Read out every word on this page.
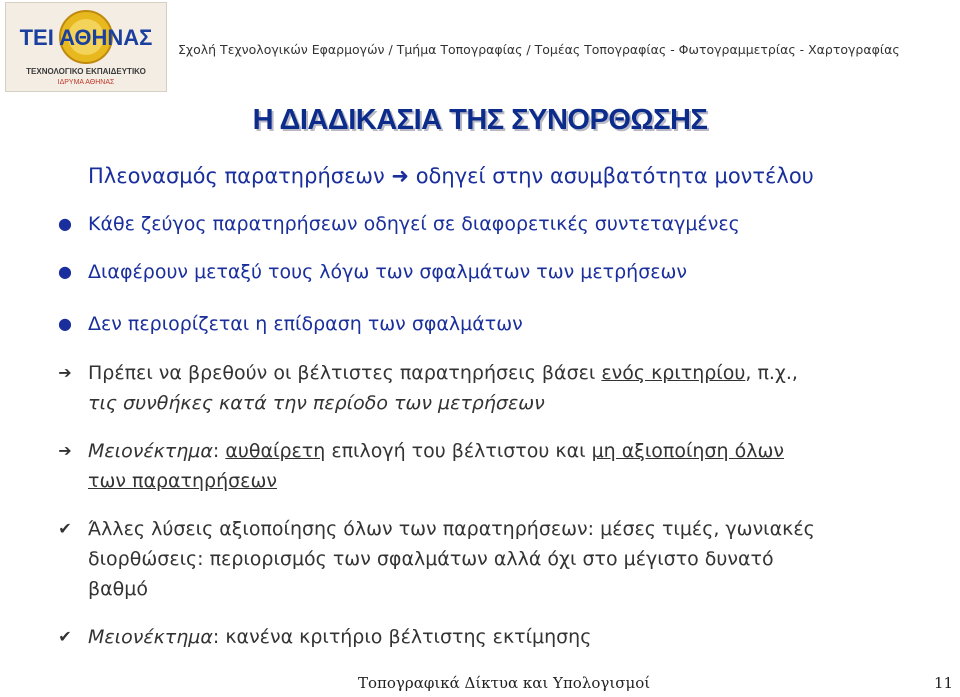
ΤΕΙ ΑΘΗΝΑΣ
ΤΕΧΝΟΛΟΓΙΚΟ ΕΚΠΑΙΔΕΥΤΙΚΟ
ΙΔΡΥΜΑ ΑΘΗΝΑΣ
Σχολή Τεχνολογικών Εφαρμογών / Τμήμα Τοπογραφίας / Τομέας Τοπογραφίας - Φωτογραμμετρίας - Χαρτογραφίας
Η ΔΙΑΔΙΚΑΣΙΑ ΤΗΣ ΣΥΝΟΡΘΩΣΗΣ
Πλεονασμός παρατηρήσεων ➜ οδηγεί στην ασυμβατότητα μοντέλου
● Κάθε ζεύγος παρατηρήσεων οδηγεί σε διαφορετικές συντεταγμένες
● Διαφέρουν μεταξύ τους λόγω των σφαλμάτων των μετρήσεων
● Δεν περιορίζεται η επίδραση των σφαλμάτων
➔ Πρέπει να βρεθούν οι βέλτιστες παρατηρήσεις βάσει ενός κριτηρίου, π.χ.,
τις συνθήκες κατά την περίοδο των μετρήσεων
➔ Μειονέκτημα: αυθαίρετη επιλογή του βέλτιστου και μη αξιοποίηση όλων
των παρατηρήσεων
✔ Άλλες λύσεις αξιοποίησης όλων των παρατηρήσεων: μέσες τιμές, γωνιακές
διορθώσεις: περιορισμός των σφαλμάτων αλλά όχι στο μέγιστο δυνατό
βαθμό
✔ Μειονέκτημα: κανένα κριτήριο βέλτιστης εκτίμησης
Τοπογραφικά Δίκτυα και Υπολογισμοί	11
